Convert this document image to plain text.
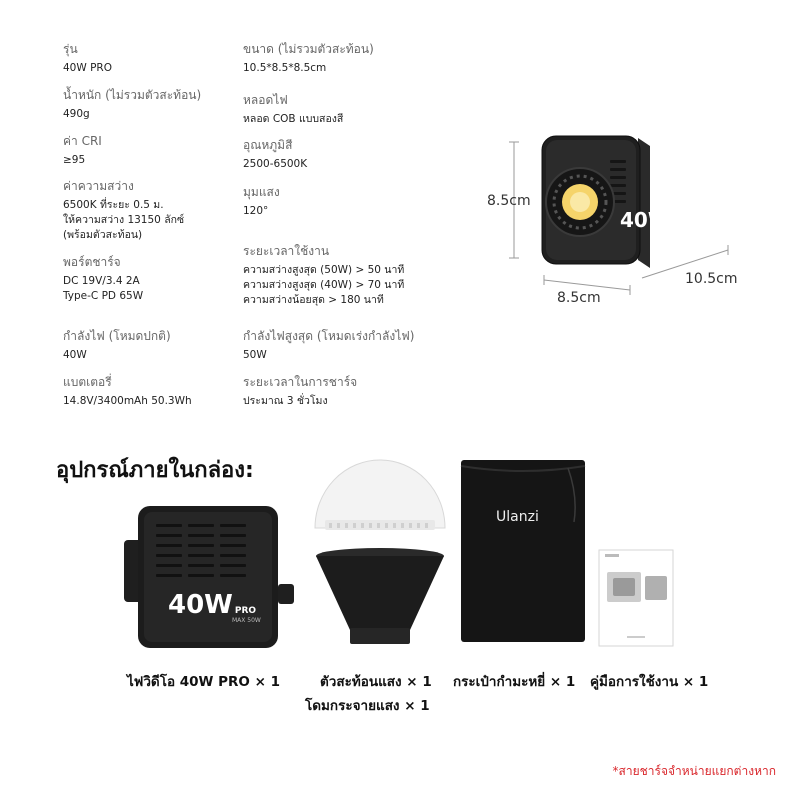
รุ่น
40W PRO
น้ำหนัก (ไม่รวมตัวสะท้อน)
490g
ค่า CRI
≥95
ค่าความสว่าง
6500K ที่ระยะ 0.5 ม.
ให้ความสว่าง 13150 ลักซ์
(พร้อมตัวสะท้อน)
พอร์ตชาร์จ
DC 19V/3.4 2A
Type-C PD 65W
กำลังไฟ (โหมดปกติ)
40W
แบตเตอรี่
14.8V/3400mAh 50.3Wh
ขนาด (ไม่รวมตัวสะท้อน)
10.5*8.5*8.5cm
หลอดไฟ
หลอด COB แบบสองสี
อุณหภูมิสี
2500-6500K
มุมแสง
120°
ระยะเวลาใช้งาน
ความสว่างสูงสุด (50W) > 50 นาที
ความสว่างสูงสุด (40W) > 70 นาที
ความสว่างน้อยสุด > 180 นาที
กำลังไฟสูงสุด (โหมดเร่งกำลังไฟ)
50W
ระยะเวลาในการชาร์จ
ประมาณ 3 ชั่วโมง
8.5cm
8.5cm
10.5cm
40WPRO
อุปกรณ์ภายในกล่อง:
40W PRO
MAX 50W
Ulanzi
ไฟวิดีโอ 40W PRO × 1	ตัวสะท้อนแสง × 1
โดมกระจายแสง × 1
กระเป๋ากำมะหยี่ × 1 คู่มือการใช้งาน × 1
*สายชาร์จจำหน่ายแยกต่างหาก
